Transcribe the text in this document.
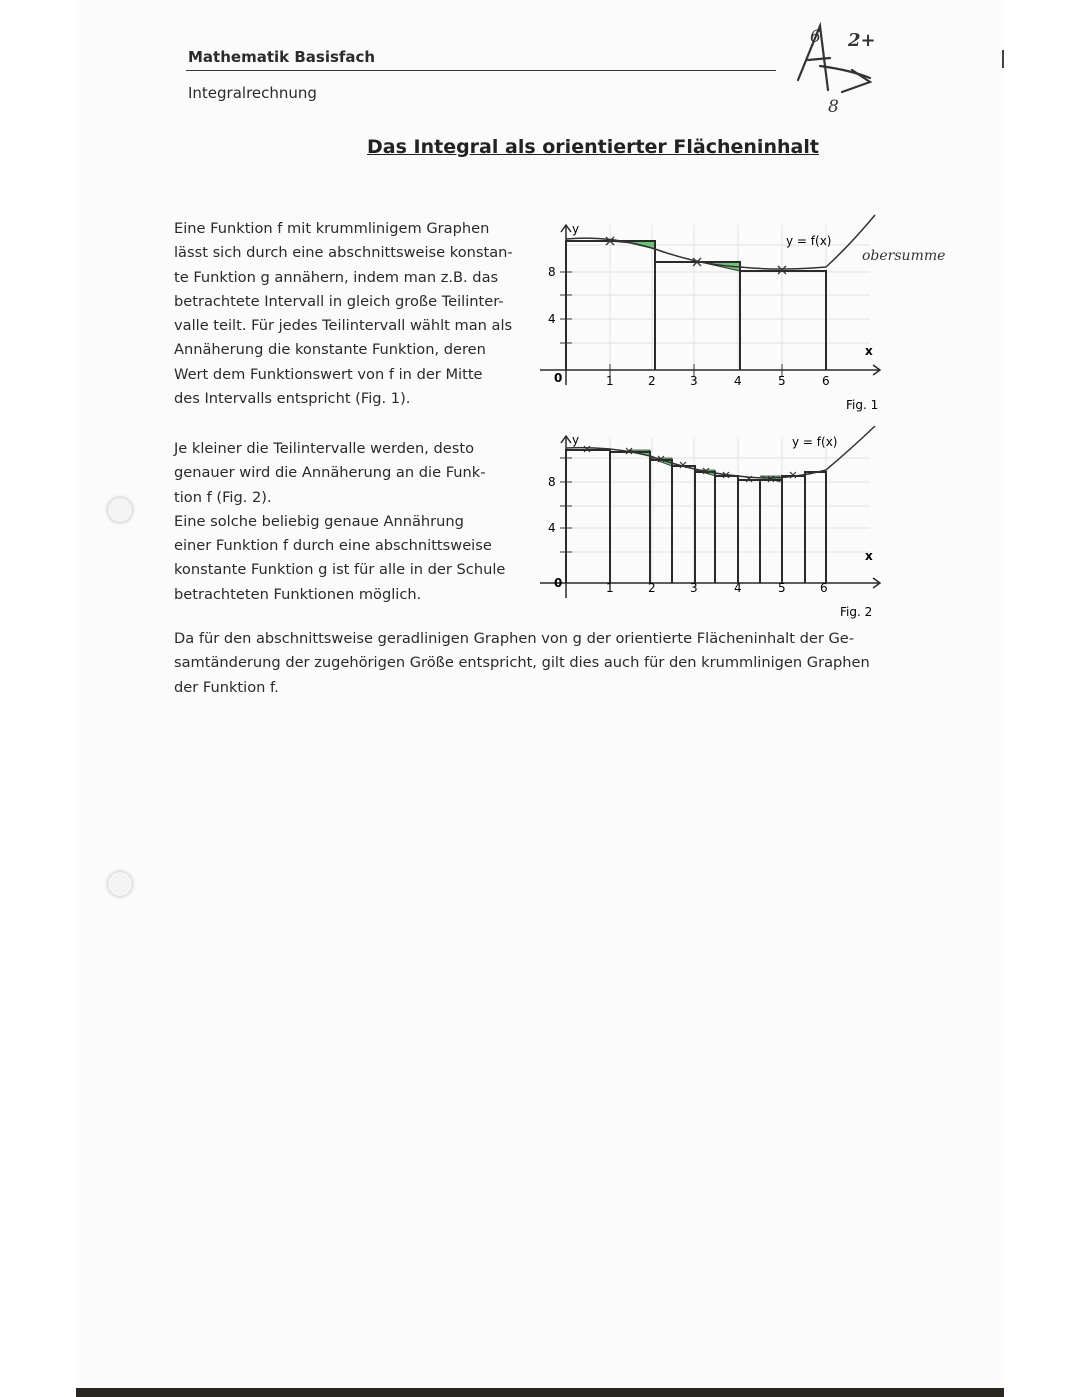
Mathematik Basisfach
Integralrechnung
6 2+
8
Das Integral als orientierter Flächeninhalt
Eine Funktion f mit krummlinigem Graphen
lässt sich durch eine abschnittsweise konstan-
te Funktion g annähern, indem man z.B. das
betrachtete Intervall in gleich große Teilinter-
valle teilt. Für jedes Teilintervall wählt man als
Annäherung die konstante Funktion, deren
Wert dem Funktionswert von f in der Mitte
des Intervalls entspricht (Fig. 1).
Je kleiner die Teilintervalle werden, desto
genauer wird die Annäherung an die Funk-
tion f (Fig. 2).
Eine solche beliebig genaue Annährung
einer Funktion f durch eine abschnittsweise
konstante Funktion g ist für alle in der Schule
betrachteten Funktionen möglich.
Da für den abschnittsweise geradlinigen Graphen von g der orientierte Flächeninhalt der Ge-
samtänderung der zugehörigen Größe entspricht, gilt dies auch für den krummlinigen Graphen
der Funktion f.
obersumme
y
x
0
4
8
1	2	3	4	5	6
y = f(x)
Fig. 1
y
x
0
4
8
1	2	3	4	5	6
y = f(x)
Fig. 2
